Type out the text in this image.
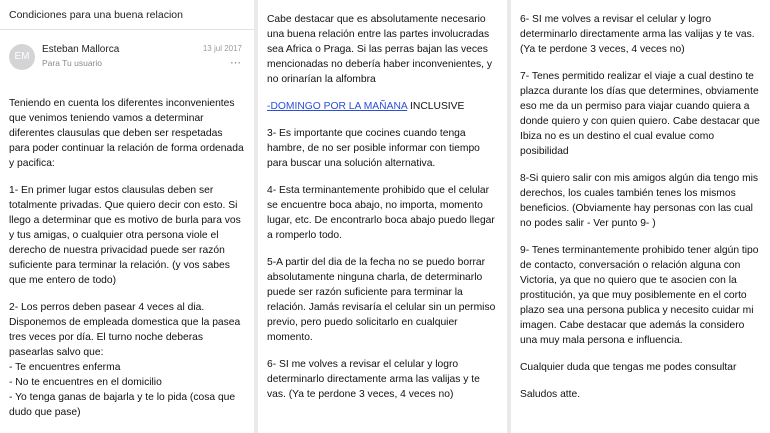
Condiciones para una buena relacion
EM
Esteban Mallorca
Para Tu usuario
13 jul 2017
⋯

Teniendo en cuenta los diferentes inconvenientes que venimos teniendo vamos a determinar diferentes clausulas que deben ser respetadas para poder continuar la relación de forma ordenada y pacifica:

1- En primer lugar estos clausulas deben ser totalmente privadas. Que quiero decir con esto. Si llego a determinar que es motivo de burla para vos y tus amigas, o cualquier otra persona viole el derecho de nuestra privacidad puede ser razón suficiente para terminar la relación. (y vos sabes que me entero de todo)

2- Los perros deben pasear 4 veces al dia. Disponemos de empleada domestica que la pasea tres veces por día. El turno noche deberas pasearlas salvo que:

- Te encuentres enferma

- No te encuentres en el domicilio

- Yo tenga ganas de bajarla y te lo pida (cosa que dudo que pase)

Cabe destacar que es absolutamente necesario una buena relación entre las partes involucradas sea Africa o Praga. Si las perras bajan las veces mencionadas no debería haber inconvenientes, y no orinarían la alfombra

-DOMINGO POR LA MAÑANA INCLUSIVE

3- Es importante que cocines cuando tenga hambre, de no ser posible informar con tiempo para buscar una solución alternativa.

4- Esta terminantemente prohibido que el celular se encuentre boca abajo, no importa, momento lugar, etc. De encontrarlo boca abajo puedo llegar a romperlo todo.

5-A partir del dia de la fecha no se puedo borrar absolutamente ninguna charla, de determinarlo puede ser razón suficiente para terminar la relación. Jamás revisaría el celular sin un permiso previo, pero puedo solicitarlo en cualquier momento.

6- SI me volves a revisar el celular y logro determinarlo directamente arma las valijas y te vas. (Ya te perdone 3 veces, 4 veces no)

6- SI me volves a revisar el celular y logro determinarlo directamente arma las valijas y te vas. (Ya te perdone 3 veces, 4 veces no)

7- Tenes permitido realizar el viaje a cual destino te plazca durante los días que determines, obviamente eso me da un permiso para viajar cuando quiera a donde quiero y con quien quiero. Cabe destacar que Ibiza no es un destino el cual evalue como posibilidad

8-Si quiero salir con mis amigos algún dia tengo mis derechos, los cuales también tenes los mismos beneficios. (Obviamente hay personas con las cual no podes salir - Ver punto 9- )

9- Tenes terminantemente prohibido tener algún tipo de contacto, conversación o relación alguna con Victoria, ya que no quiero que te asocien con la prostitución, ya que muy posiblemente en el corto plazo sea una persona publica y necesito cuidar mi imagen. Cabe destacar que además la considero una muy mala persona e influencia.

Cualquier duda que tengas me podes consultar

Saludos atte.
